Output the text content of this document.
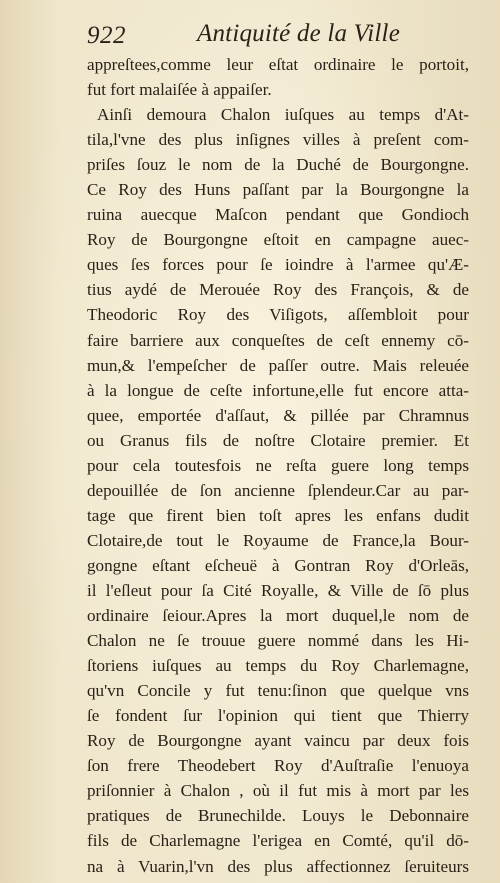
922	Antiquité de la Ville
appreſtees,comme leur eſtat ordinaire le portoit,
fut fort malaiſée à appaiſer.
Ainſi demoura Chalon iuſques au temps d'At-
tila,l'vne des plus inſignes villes à preſent com-
priſes ſouz le nom de la Duché de Bourgongne.
Ce Roy des Huns paſſant par la Bourgongne la
ruina auecque Maſcon pendant que Gondioch
Roy de Bourgongne eſtoit en campagne auec-
ques ſes forces pour ſe ioindre à l'armee qu'Æ-
tius aydé de Merouée Roy des François, & de
Theodoric Roy des Viſigots, aſſembloit pour
faire barriere aux conqueſtes de ceſt ennemy cō-
mun,& l'empeſcher de paſſer outre. Mais releuée
à la longue de ceſte infortune,elle fut encore atta-
quee, emportée d'aſſaut, & pillée par Chramnus
ou Granus fils de noſtre Clotaire premier. Et
pour cela toutesfois ne reſta guere long temps
depouillée de ſon ancienne ſplendeur.Car au par-
tage que firent bien toſt apres les enfans dudit
Clotaire,de tout le Royaume de France,la Bour-
gongne eſtant eſcheuë à Gontran Roy d'Orleās,
il l'eſleut pour ſa Cité Royalle, & Ville de ſō plus
ordinaire ſeiour.Apres la mort duquel,le nom de
Chalon ne ſe trouue guere nommé dans les Hi-
ſtoriens iuſques au temps du Roy Charlemagne,
qu'vn Concile y fut tenu:ſinon que quelque vns
ſe fondent ſur l'opinion qui tient que Thierry
Roy de Bourgongne ayant vaincu par deux fois
ſon frere Theodebert Roy d'Auſtraſie l'enuoya
priſonnier à Chalon , où il fut mis à mort par les
pratiques de Brunechilde. Louys le Debonnaire
fils de Charlemagne l'erigea en Comté, qu'il dō-
na à Vuarin,l'vn des plus affectionnez ſeruiteurs
